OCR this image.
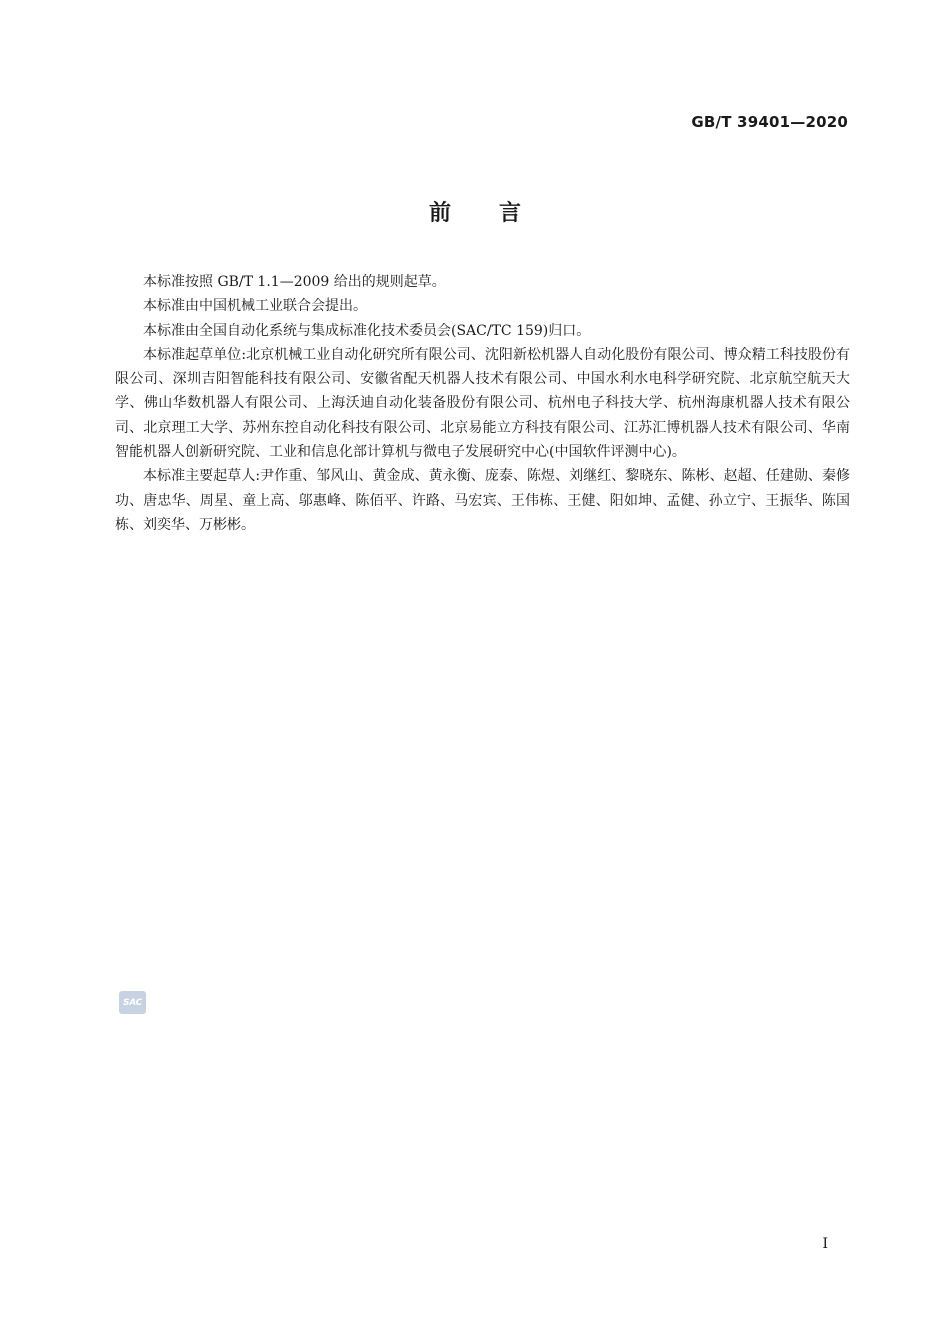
GB/T 39401—2020
前言

本标准按照 GB/T 1.1—2009 给出的规则起草。

本标准由中国机械工业联合会提出。

本标准由全国自动化系统与集成标准化技术委员会(SAC/TC 159)归口。

本标准起草单位:北京机械工业自动化研究所有限公司、沈阳新松机器人自动化股份有限公司、博众精工科技股份有限公司、深圳吉阳智能科技有限公司、安徽省配天机器人技术有限公司、中国水利水电科学研究院、北京航空航天大学、佛山华数机器人有限公司、上海沃迪自动化装备股份有限公司、杭州电子科技大学、杭州海康机器人技术有限公司、北京理工大学、苏州东控自动化科技有限公司、北京易能立方科技有限公司、江苏汇博机器人技术有限公司、华南智能机器人创新研究院、工业和信息化部计算机与微电子发展研究中心(中国软件评测中心)。

本标准主要起草人:尹作重、邹风山、黄金成、黄永衡、庞泰、陈煜、刘继红、黎晓东、陈彬、赵超、任建勋、秦修功、唐忠华、周星、童上高、邬惠峰、陈佰平、许路、马宏宾、王伟栋、王健、阳如坤、孟健、孙立宁、王振华、陈国栋、刘奕华、万彬彬。

SAC
I
